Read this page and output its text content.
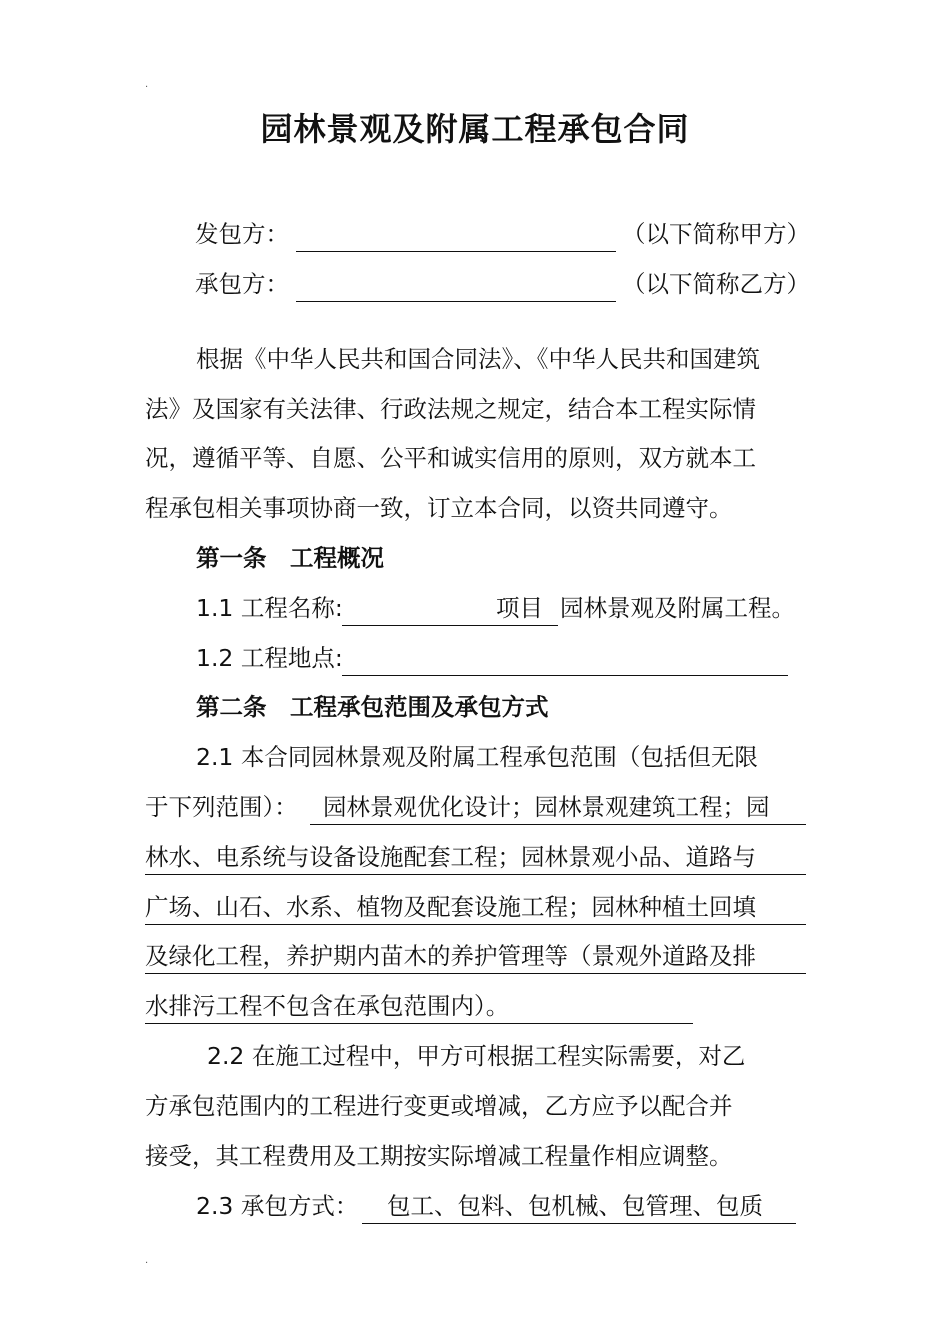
.
园林景观及附属工程承包合同
发包方：	（以下简称甲方）
承包方：	（以下简称乙方）
根据《中华人民共和国合同法》、《中华人民共和国建筑
法》及国家有关法律、行政法规之规定，结合本工程实际情
况，遵循平等、自愿、公平和诚实信用的原则，双方就本工
程承包相关事项协商一致，订立本合同，以资共同遵守。
第一条　工程概况
1.1 工程名称:	项目 园林景观及附属工程。
1.2 工程地点:
第二条　工程承包范围及承包方式
2.1 本合同园林景观及附属工程承包范围（包括但无限
于下列范围）： 园林景观优化设计；园林景观建筑工程；园
林水、电系统与设备设施配套工程；园林景观小品、道路与
广场、山石、水系、植物及配套设施工程；园林种植土回填
及绿化工程，养护期内苗木的养护管理等（景观外道路及排
水排污工程不包含在承包范围内）。
2.2 在施工过程中，甲方可根据工程实际需要，对乙
方承包范围内的工程进行变更或增减，乙方应予以配合并
接受，其工程费用及工期按实际增减工程量作相应调整。
2.3 承包方式： 包工、包料、包机械、包管理、包质
.
